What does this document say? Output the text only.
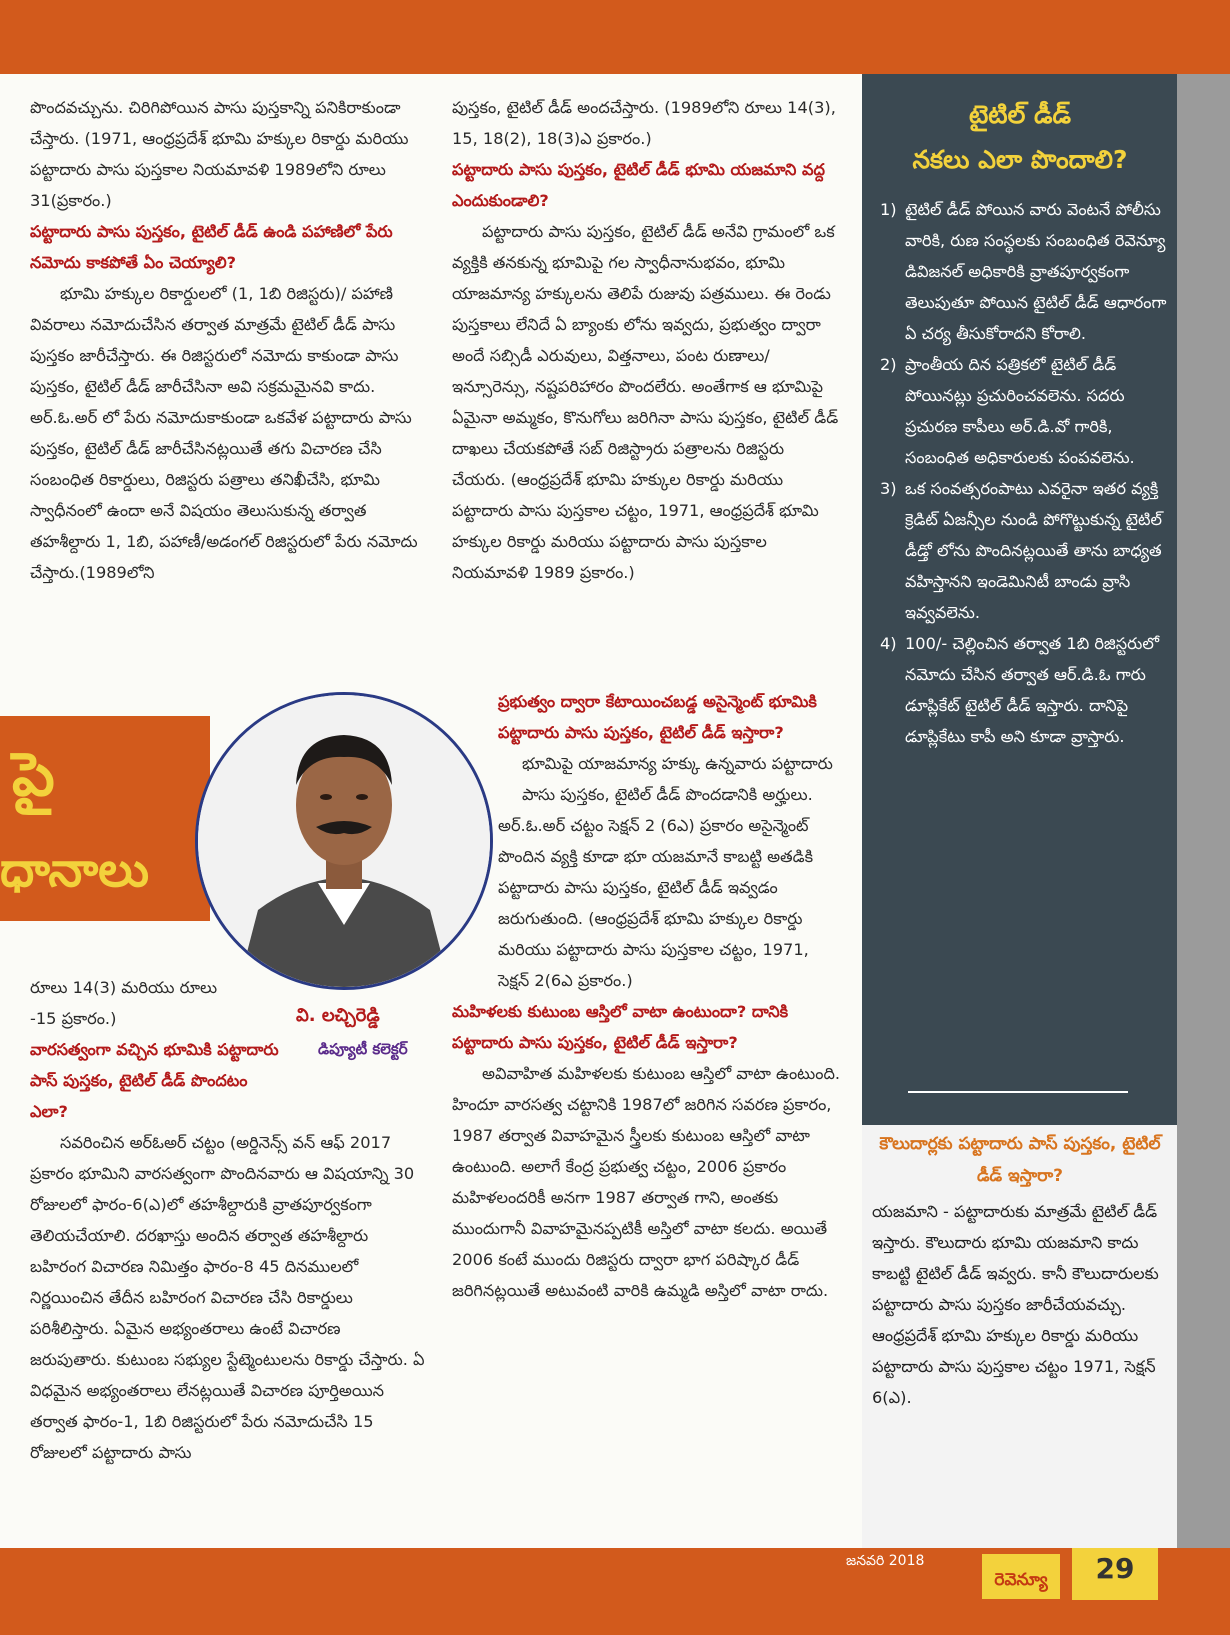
పొందవచ్చును. చిరిగిపోయిన పాసు పుస్తకాన్ని పనికిరాకుండా చేస్తారు. (1971, ఆంధ్రప్రదేశ్ భూమి హక్కుల రికార్డు మరియు పట్టాదారు పాసు పుస్తకాల నియమావళి 1989లోని రూలు 31(ప్రకారం.)

పట్టాదారు పాసు పుస్తకం, టైటిల్ డీడ్ ఉండి పహాణిలో పేరు నమోదు కాకపోతే ఏం చెయ్యాలి?

భూమి హక్కుల రికార్డులలో (1, 1బి రిజిస్టరు)/ పహాణి వివరాలు నమోదుచేసిన తర్వాత మాత్రమే టైటిల్ డీడ్ పాసు పుస్తకం జారీచేస్తారు. ఈ రిజిస్టరులో నమోదు కాకుండా పాసు పుస్తకం, టైటిల్ డీడ్ జారీచేసినా అవి సక్రమమైనవి కాదు. అర్.ఓ.అర్ లో పేరు నమోదుకాకుండా ఒకవేళ పట్టాదారు పాసు పుస్తకం, టైటిల్ డీడ్ జారీచేసినట్లయితే తగు విచారణ చేసి సంబంధిత రికార్డులు, రిజిస్టరు పత్రాలు తనిఖీచేసి, భూమి స్వాధీనంలో ఉందా అనే విషయం తెలుసుకున్న తర్వాత తహశీల్దారు 1, 1బి, పహాణీ/అడంగల్ రిజిస్టరులో పేరు నమోదు చేస్తారు.(1989లోని

పై
ధానాలు
వి. లచ్చిరెడ్డి
డిప్యూటీ కలెక్టర్

రూలు 14(3) మరియు రూలు -15 ప్రకారం.)

వారసత్వంగా వచ్చిన భూమికి పట్టాదారు పాస్ పుస్తకం, టైటిల్ డీడ్ పొందటం ఎలా?

సవరించిన అర్ఓఅర్ చట్టం (అర్డినెన్స్ వన్ ఆఫ్ 2017 ప్రకారం భూమిని వారసత్వంగా పొందినవారు ఆ విషయాన్ని 30 రోజులలో ఫారం-6(ఎ)లో తహశీల్దారుకి వ్రాతపూర్వకంగా తెలియచేయాలి. దరఖాస్తు అందిన తర్వాత తహశీల్దారు బహిరంగ విచారణ నిమిత్తం ఫారం-8 45 దినములలో నిర్ణయించిన తేదీన బహిరంగ విచారణ చేసి రికార్డులు పరిశీలిస్తారు. ఏమైన అభ్యంతరాలు ఉంటే విచారణ జరుపుతారు. కుటుంబ సభ్యుల స్టేట్మెంటులను రికార్డు చేస్తారు. ఏ విధమైన అభ్యంతరాలు లేనట్లయితే విచారణ పూర్తిఅయిన తర్వాత ఫారం-1, 1బి రిజిస్టరులో పేరు నమోదుచేసి 15 రోజులలో పట్టాదారు పాసు

పుస్తకం, టైటిల్ డీడ్ అందచేస్తారు. (1989లోని రూలు 14(3), 15, 18(2), 18(3)ఎ ప్రకారం.)

పట్టాదారు పాసు పుస్తకం, టైటిల్ డీడ్ భూమి యజమాని వద్ద ఎందుకుండాలి?

పట్టాదారు పాసు పుస్తకం, టైటిల్ డీడ్ అనేవి గ్రామంలో ఒక వ్యక్తికి తనకున్న భూమిపై గల స్వాధీనానుభవం, భూమి యాజమాన్య హక్కులను తెలిపే రుజువు పత్రములు. ఈ రెండు పుస్తకాలు లేనిదే ఏ బ్యాంకు లోను ఇవ్వదు, ప్రభుత్వం ద్వారా అందే సబ్సిడీ ఎరువులు, విత్తనాలు, పంట రుణాలు/ ఇన్సూరెన్సు, నష్టపరిహారం పొందలేరు. అంతేగాక ఆ భూమిపై ఏమైనా అమ్మకం, కొనుగోలు జరిగినా పాసు పుస్తకం, టైటిల్ డీడ్ దాఖలు చేయకపోతే సబ్ రిజిస్ట్రారు పత్రాలను రిజిస్టరు చేయరు. (ఆంధ్రప్రదేశ్ భూమి హక్కుల రికార్డు మరియు పట్టాదారు పాసు పుస్తకాల చట్టం, 1971, ఆంధ్రప్రదేశ్ భూమి హక్కుల రికార్డు మరియు పట్టాదారు పాసు పుస్తకాల నియమావళి 1989 ప్రకారం.)

ప్రభుత్వం ద్వారా కేటాయించబడ్డ అసైన్మెంట్ భూమికి పట్టాదారు పాసు పుస్తకం, టైటిల్ డీడ్ ఇస్తారా?

భూమిపై యాజమాన్య హక్కు ఉన్నవారు పట్టాదారు పాసు పుస్తకం, టైటిల్ డీడ్ పొందడానికి అర్హులు.

అర్.ఓ.అర్ చట్టం సెక్షన్ 2 (6ఎ) ప్రకారం అసైన్మెంట్ పొందిన వ్యక్తి కూడా భూ యజమానే కాబట్టి అతడికి పట్టాదారు పాసు పుస్తకం, టైటిల్ డీడ్ ఇవ్వడం జరుగుతుంది. (ఆంధ్రప్రదేశ్ భూమి హక్కుల రికార్డు మరియు పట్టాదారు పాసు పుస్తకాల చట్టం, 1971, సెక్షన్ 2(6ఎ ప్రకారం.)

మహిళలకు కుటుంబ ఆస్తిలో వాటా ఉంటుందా? దానికి పట్టాదారు పాసు పుస్తకం, టైటిల్ డీడ్ ఇస్తారా?

అవివాహిత మహిళలకు కుటుంబ ఆస్తిలో వాటా ఉంటుంది. హిందూ వారసత్వ చట్టానికి 1987లో జరిగిన సవరణ ప్రకారం, 1987 తర్వాత వివాహమైన స్త్రీలకు కుటుంబ ఆస్తిలో వాటా ఉంటుంది. అలాగే కేంద్ర ప్రభుత్వ చట్టం, 2006 ప్రకారం మహిళలందరికీ అనగా 1987 తర్వాత గాని, అంతకు ముందుగానీ వివాహమైనప్పటికీ అస్తిలో వాటా కలదు. అయితే 2006 కంటే ముందు రిజిస్టరు ద్వారా భాగ పరిష్కార డీడ్ జరిగినట్లయితే అటువంటి వారికి ఉమ్మడి అస్తిలో వాటా రాదు.

టైటిల్ డీడ్
నకలు ఎలా పొందాలి?
1) టైటిల్ డీడ్ పోయిన వారు వెంటనే పోలీసు వారికి, రుణ సంస్థలకు సంబంధిత రెవెన్యూ డివిజనల్ అధికారికి వ్రాతపూర్వకంగా తెలుపుతూ పోయిన టైటిల్ డీడ్ ఆధారంగా ఏ చర్య తీసుకోరాదని కోరాలి.
2) ప్రాంతీయ దిన పత్రికలో టైటిల్ డీడ్ పోయినట్లు ప్రచురించవలెను. సదరు ప్రచురణ కాపీలు అర్.డి.వో గారికి, సంబంధిత అధికారులకు పంపవలెను.
3) ఒక సంవత్సరంపాటు ఎవరైనా ఇతర వ్యక్తి క్రెడిట్ ఏజన్సీల నుండి పోగొట్టుకున్న టైటిల్ డీడ్తో లోను పొందినట్లయితే తాను బాధ్యత వహిస్తానని ఇండెమినిటీ బాండు వ్రాసి ఇవ్వవలెను.
4) 100/- చెల్లించిన తర్వాత 1బి రిజిస్టరులో నమోదు చేసిన తర్వాత ఆర్.డి.ఓ గారు డూప్లికేట్ టైటిల్ డీడ్ ఇస్తారు. దానిపై డూప్లికేటు కాపీ అని కూడా వ్రాస్తారు.
కౌలుదార్లకు పట్టాదారు పాస్ పుస్తకం, టైటిల్ డీడ్ ఇస్తారా?
యజమాని - పట్టాదారుకు మాత్రమే టైటిల్ డీడ్ ఇస్తారు. కౌలుదారు భూమి యజమాని కాదు కాబట్టి టైటిల్ డీడ్ ఇవ్వరు. కానీ కౌలుదారులకు పట్టాదారు పాసు పుస్తకం జారీచేయవచ్చు. ఆంధ్రప్రదేశ్ భూమి హక్కుల రికార్డు మరియు పట్టాదారు పాసు పుస్తకాల చట్టం 1971, సెక్షన్ 6(ఎ).
జనవరి 2018
రెవెన్యూ	29
